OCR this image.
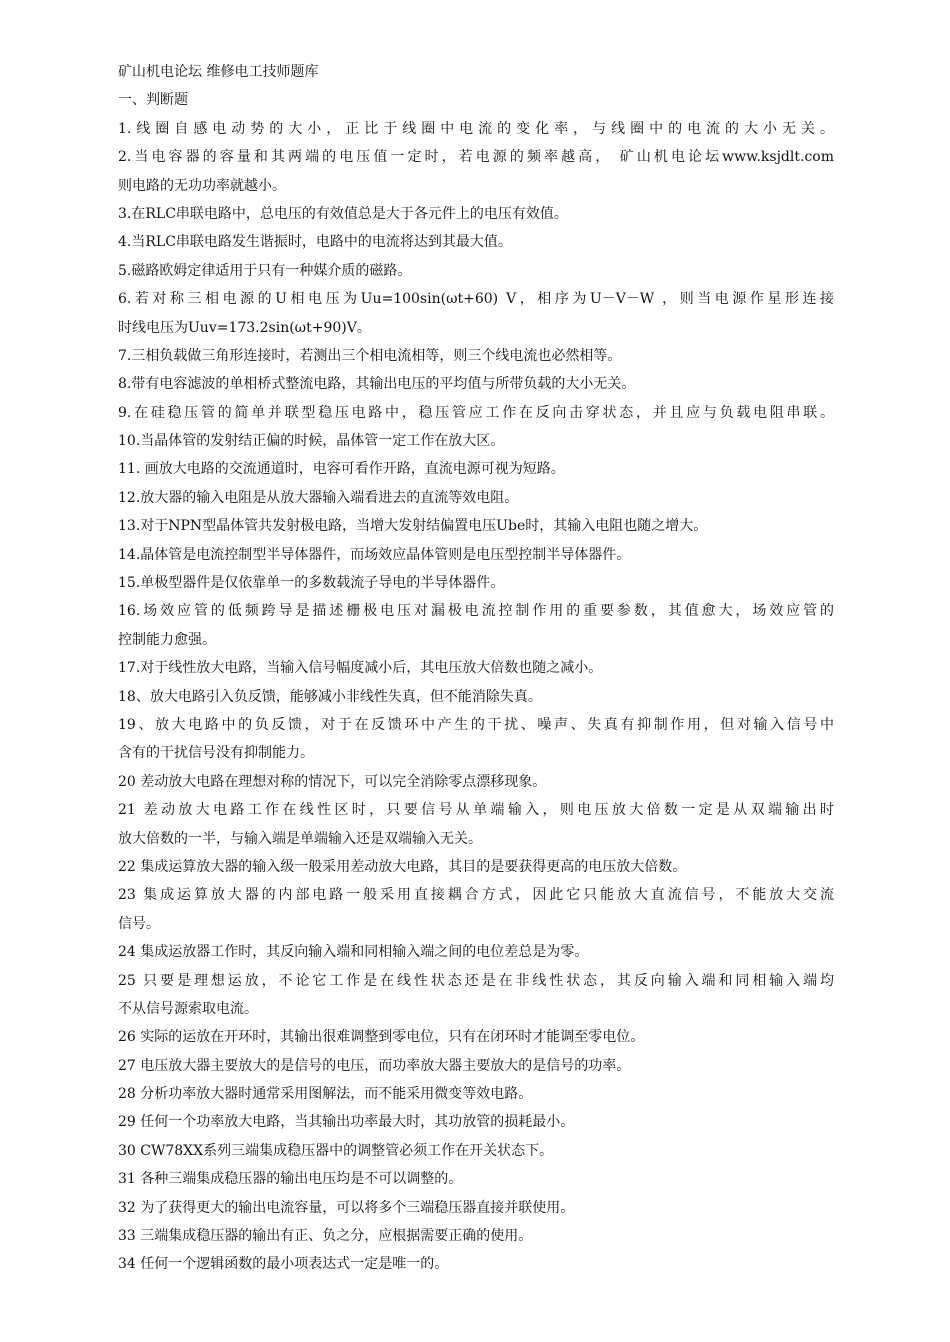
矿山机电论坛 维修电工技师题库
一、判断题
1.线圈自感电动势的大小，正比于线圈中电流的变化率，与线圈中的电流的大小无关。
2.当电容器的容量和其两端的电压值一定时，若电源的频率越高， 矿山机电论坛www.ksjdlt.com
则电路的无功功率就越小。
3.在RLC串联电路中，总电压的有效值总是大于各元件上的电压有效值。
4.当RLC串联电路发生谐振时，电路中的电流将达到其最大值。
5.磁路欧姆定律适用于只有一种媒介质的磁路。
6.若对称三相电源的U相电压为Uu=100sin(ωt+60) V，相序为U－V－W ，则当电源作星形连接
时线电压为Uuv=173.2sin(ωt+90)V。
7.三相负载做三角形连接时，若测出三个相电流相等，则三个线电流也必然相等。
8.带有电容滤波的单相桥式整流电路，其输出电压的平均值与所带负载的大小无关。
9.在硅稳压管的简单并联型稳压电路中，稳压管应工作在反向击穿状态，并且应与负载电阻串联。
10.当晶体管的发射结正偏的时候，晶体管一定工作在放大区。
11. 画放大电路的交流通道时，电容可看作开路，直流电源可视为短路。
12.放大器的输入电阻是从放大器输入端看进去的直流等效电阻。
13.对于NPN型晶体管共发射极电路，当增大发射结偏置电压Ube时，其输入电阻也随之增大。
14.晶体管是电流控制型半导体器件，而场效应晶体管则是电压型控制半导体器件。
15.单极型器件是仅依靠单一的多数载流子导电的半导体器件。
16.场效应管的低频跨导是描述栅极电压对漏极电流控制作用的重要参数，其值愈大，场效应管的
控制能力愈强。
17.对于线性放大电路，当输入信号幅度减小后，其电压放大倍数也随之减小。
18、放大电路引入负反馈，能够减小非线性失真，但不能消除失真。
19、放大电路中的负反馈，对于在反馈环中产生的干扰、噪声、失真有抑制作用，但对输入信号中
含有的干扰信号没有抑制能力。
20 差动放大电路在理想对称的情况下，可以完全消除零点漂移现象。
21 差动放大电路工作在线性区时，只要信号从单端输入，则电压放大倍数一定是从双端输出时
放大倍数的一半，与输入端是单端输入还是双端输入无关。
22 集成运算放大器的输入级一般采用差动放大电路，其目的是要获得更高的电压放大倍数。
23 集成运算放大器的内部电路一般采用直接耦合方式，因此它只能放大直流信号，不能放大交流
信号。
24 集成运放器工作时，其反向输入端和同相输入端之间的电位差总是为零。
25 只要是理想运放，不论它工作是在线性状态还是在非线性状态，其反向输入端和同相输入端均
不从信号源索取电流。
26 实际的运放在开环时，其输出很难调整到零电位，只有在闭环时才能调至零电位。
27 电压放大器主要放大的是信号的电压，而功率放大器主要放大的是信号的功率。
28 分析功率放大器时通常采用图解法，而不能采用微变等效电路。
29 任何一个功率放大电路，当其输出功率最大时，其功放管的损耗最小。
30 CW78XX系列三端集成稳压器中的调整管必须工作在开关状态下。
31 各种三端集成稳压器的输出电压均是不可以调整的。
32 为了获得更大的输出电流容量，可以将多个三端稳压器直接并联使用。
33 三端集成稳压器的输出有正、负之分，应根据需要正确的使用。
34 任何一个逻辑函数的最小项表达式一定是唯一的。
